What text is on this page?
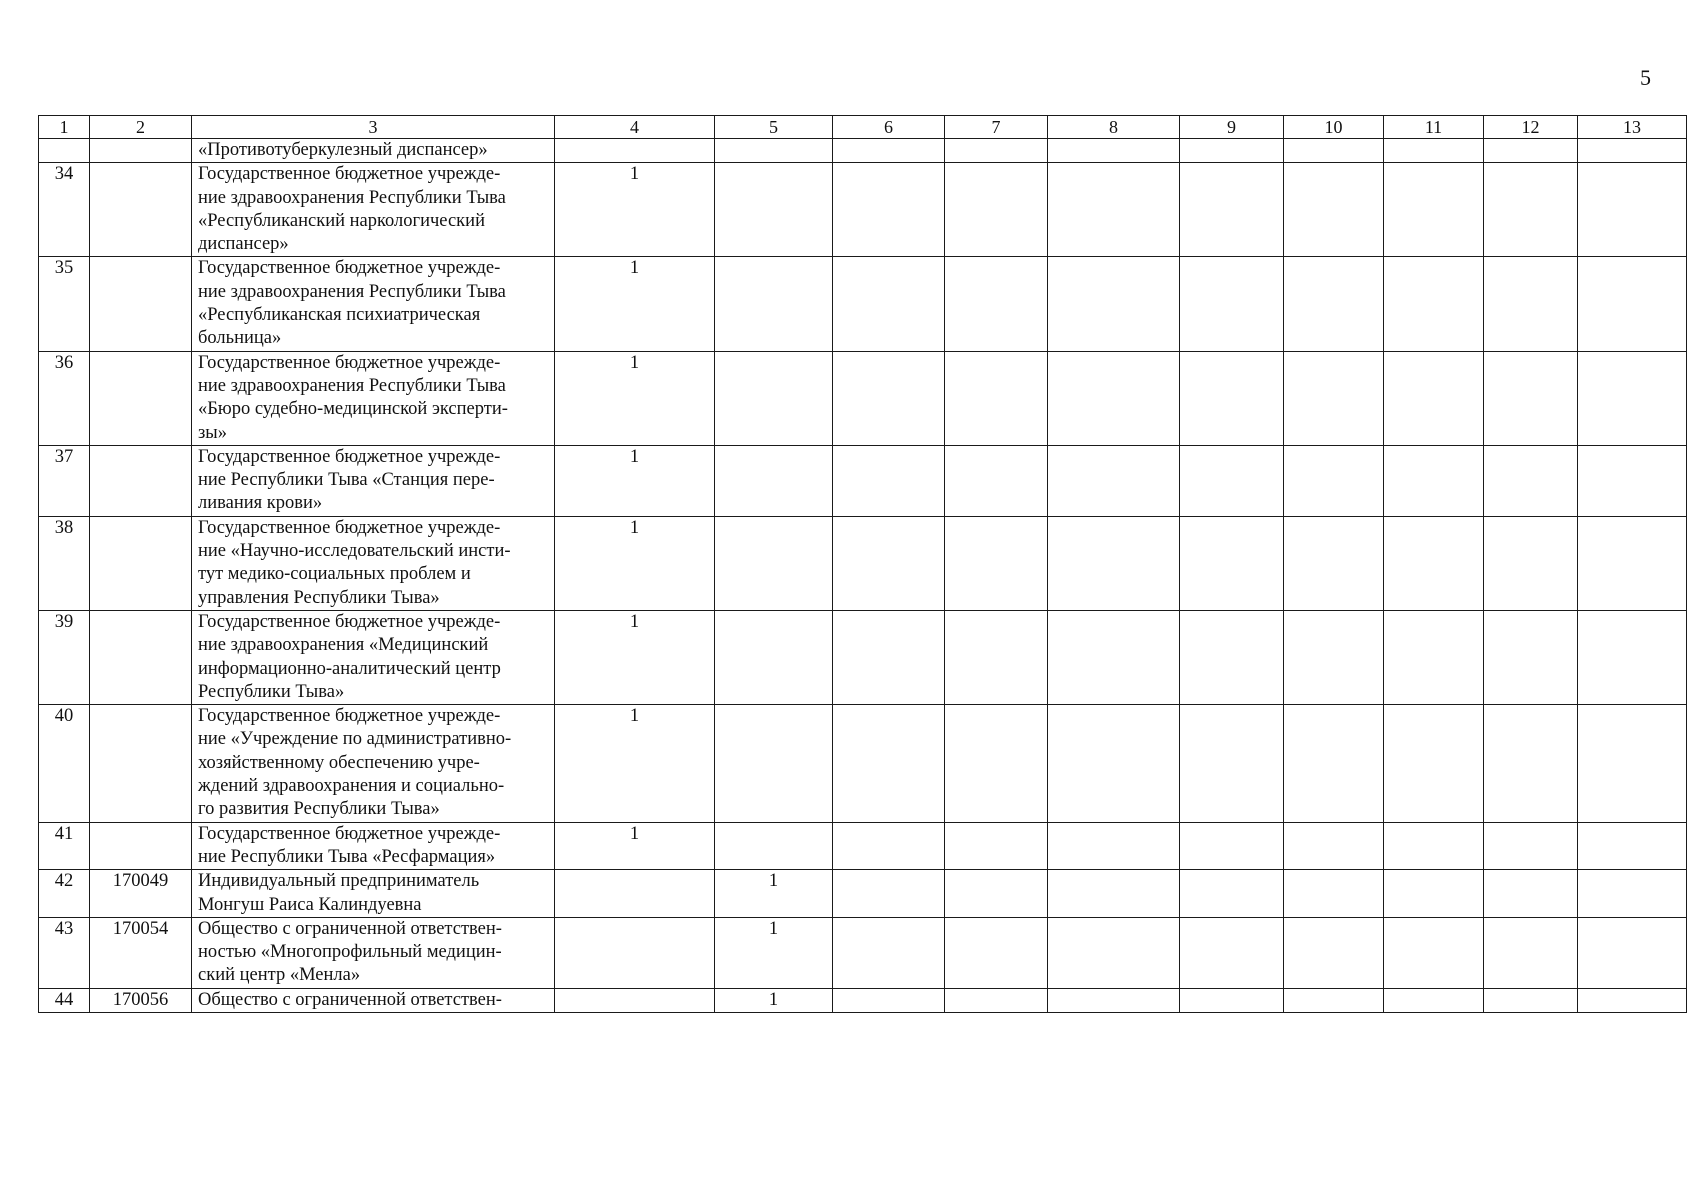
5
1	2	3	4	5	6	7	8	9	10	11	12	13

		«Противотуберкулезный диспансер»										

34		Государственное бюджетное учрежде-
ние здравоохранения Республики Тыва
«Республиканский наркологический
диспансер»	1									
35		Государственное бюджетное учрежде-
ние здравоохранения Республики Тыва
«Республиканская психиатрическая
больница»	1									
36		Государственное бюджетное учрежде-
ние здравоохранения Республики Тыва
«Бюро судебно-медицинской эксперти-
зы»	1									
37		Государственное бюджетное учрежде-
ние Республики Тыва «Станция пере-
ливания крови»	1									
38		Государственное бюджетное учрежде-
ние «Научно-исследовательский инсти-
тут медико-социальных проблем и
управления Республики Тыва»	1									
39		Государственное бюджетное учрежде-
ние здравоохранения «Медицинский
информационно-аналитический центр
Республики Тыва»	1									
40		Государственное бюджетное учрежде-
ние «Учреждение по административно-
хозяйственному обеспечению учре-
ждений здравоохранения и социально-
го развития Республики Тыва»	1									
41		Государственное бюджетное учрежде-
ние Республики Тыва «Ресфармация»	1									
42	170049	Индивидуальный предприниматель
Монгуш Раиса Калиндуевна		1								
43	170054	Общество с ограниченной ответствен-
ностью «Многопрофильный медицин-
ский центр «Менла»		1								
44	170056	Общество с ограниченной ответствен-		1								
